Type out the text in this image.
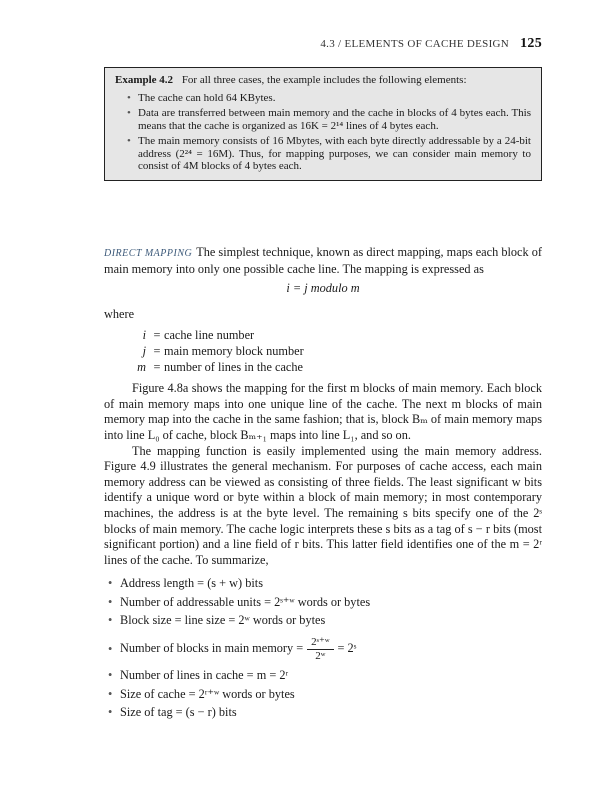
4.3 / ELEMENTS OF CACHE DESIGN 125
Example 4.2 For all three cases, the example includes the following elements:
• The cache can hold 64 KBytes.
• Data are transferred between main memory and the cache in blocks of 4 bytes each. This means that the cache is organized as 16K = 2¹⁴ lines of 4 bytes each.
• The main memory consists of 16 Mbytes, with each byte directly addressable by a 24-bit address (2²⁴ = 16M). Thus, for mapping purposes, we can consider main memory to consist of 4M blocks of 4 bytes each.

DIRECT MAPPING The simplest technique, known as direct mapping, maps each block of main memory into only one possible cache line. The mapping is expressed as

i = j modulo m
where
i = cache line number
j = main memory block number
m = number of lines in the cache

Figure 4.8a shows the mapping for the first m blocks of main memory. Each block of main memory maps into one unique line of the cache. The next m blocks of main memory map into the cache in the same fashion; that is, block Bₘ of main memory maps into line L₀ of cache, block Bₘ₊₁ maps into line L₁, and so on.

The mapping function is easily implemented using the main memory address. Figure 4.9 illustrates the general mechanism. For purposes of cache access, each main memory address can be viewed as consisting of three fields. The least significant w bits identify a unique word or byte within a block of main memory; in most contemporary machines, the address is at the byte level. The remaining s bits specify one of the 2ˢ blocks of main memory. The cache logic interprets these s bits as a tag of s − r bits (most significant portion) and a line field of r bits. This latter field identifies one of the m = 2ʳ lines of the cache. To summarize,

• Address length = (s + w) bits
• Number of addressable units = 2ˢ⁺ʷ words or bytes
• Block size = line size = 2ʷ words or bytes
• Number of blocks in main memory = $\frac{\text{2ˢ⁺ʷ}}{\text{2ʷ}}$ = 2ˢ
• Number of lines in cache = m = 2ʳ
• Size of cache = 2ʳ⁺ʷ words or bytes
• Size of tag = (s − r) bits
